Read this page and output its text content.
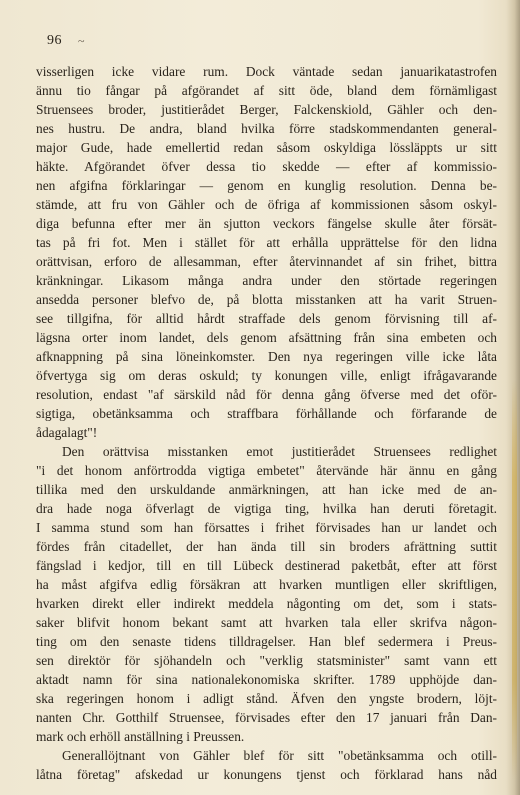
96 ~
visserligen icke vidare rum. Dock väntade sedan januarikatastrofen
ännu tio fångar på afgörandet af sitt öde, bland dem förnämligast
Struensees broder, justitierådet Berger, Falckenskiold, Gähler och den-
nes hustru. De andra, bland hvilka förre stadskommendanten general-
major Gude, hade emellertid redan såsom oskyldiga lössläppts ur sitt
häkte. Afgörandet öfver dessa tio skedde — efter af kommissio-
nen afgifna förklaringar — genom en kunglig resolution. Denna be-
stämde, att fru von Gähler och de öfriga af kommissionen såsom oskyl-
diga befunna efter mer än sjutton veckors fängelse skulle åter försät-
tas på fri fot. Men i stället för att erhålla upprättelse för den lidna
orättvisan, erforo de allesamman, efter återvinnandet af sin frihet, bittra
kränkningar. Likasom många andra under den störtade regeringen
ansedda personer blefvo de, på blotta misstanken att ha varit Struen-
see tillgifna, för alltid hårdt straffade dels genom förvisning till af-
lägsna orter inom landet, dels genom afsättning från sina embeten och
afknappning på sina löneinkomster. Den nya regeringen ville icke låta
öfvertyga sig om deras oskuld; ty konungen ville, enligt ifrågavarande
resolution, endast "af särskild nåd för denna gång öfverse med det oför-
sigtiga, obetänksamma och straffbara förhållande och förfarande de
ådagalagt"!
Den orättvisa misstanken emot justitierådet Struensees redlighet
"i det honom anförtrodda vigtiga embetet" återvände här ännu en gång
tillika med den urskuldande anmärkningen, att han icke med de an-
dra hade noga öfverlagt de vigtiga ting, hvilka han deruti företagit.
I samma stund som han försattes i frihet förvisades han ur landet och
fördes från citadellet, der han ända till sin broders afrättning suttit
fängslad i kedjor, till en till Lübeck destinerad paketbåt, efter att först
ha måst afgifva edlig försäkran att hvarken muntligen eller skriftligen,
hvarken direkt eller indirekt meddela någonting om det, som i stats-
saker blifvit honom bekant samt att hvarken tala eller skrifva någon-
ting om den senaste tidens tilldragelser. Han blef sedermera i Preus-
sen direktör för sjöhandeln och "verklig statsminister" samt vann ett
aktadt namn för sina nationalekonomiska skrifter. 1789 upphöjde dan-
ska regeringen honom i adligt stånd. Äfven den yngste brodern, löjt-
nanten Chr. Gotthilf Struensee, förvisades efter den 17 januari från Dan-
mark och erhöll anställning i Preussen.
Generallöjtnant von Gähler blef för sitt "obetänksamma och otill-
låtna företag" afskedad ur konungens tjenst och förklarad hans nåd
